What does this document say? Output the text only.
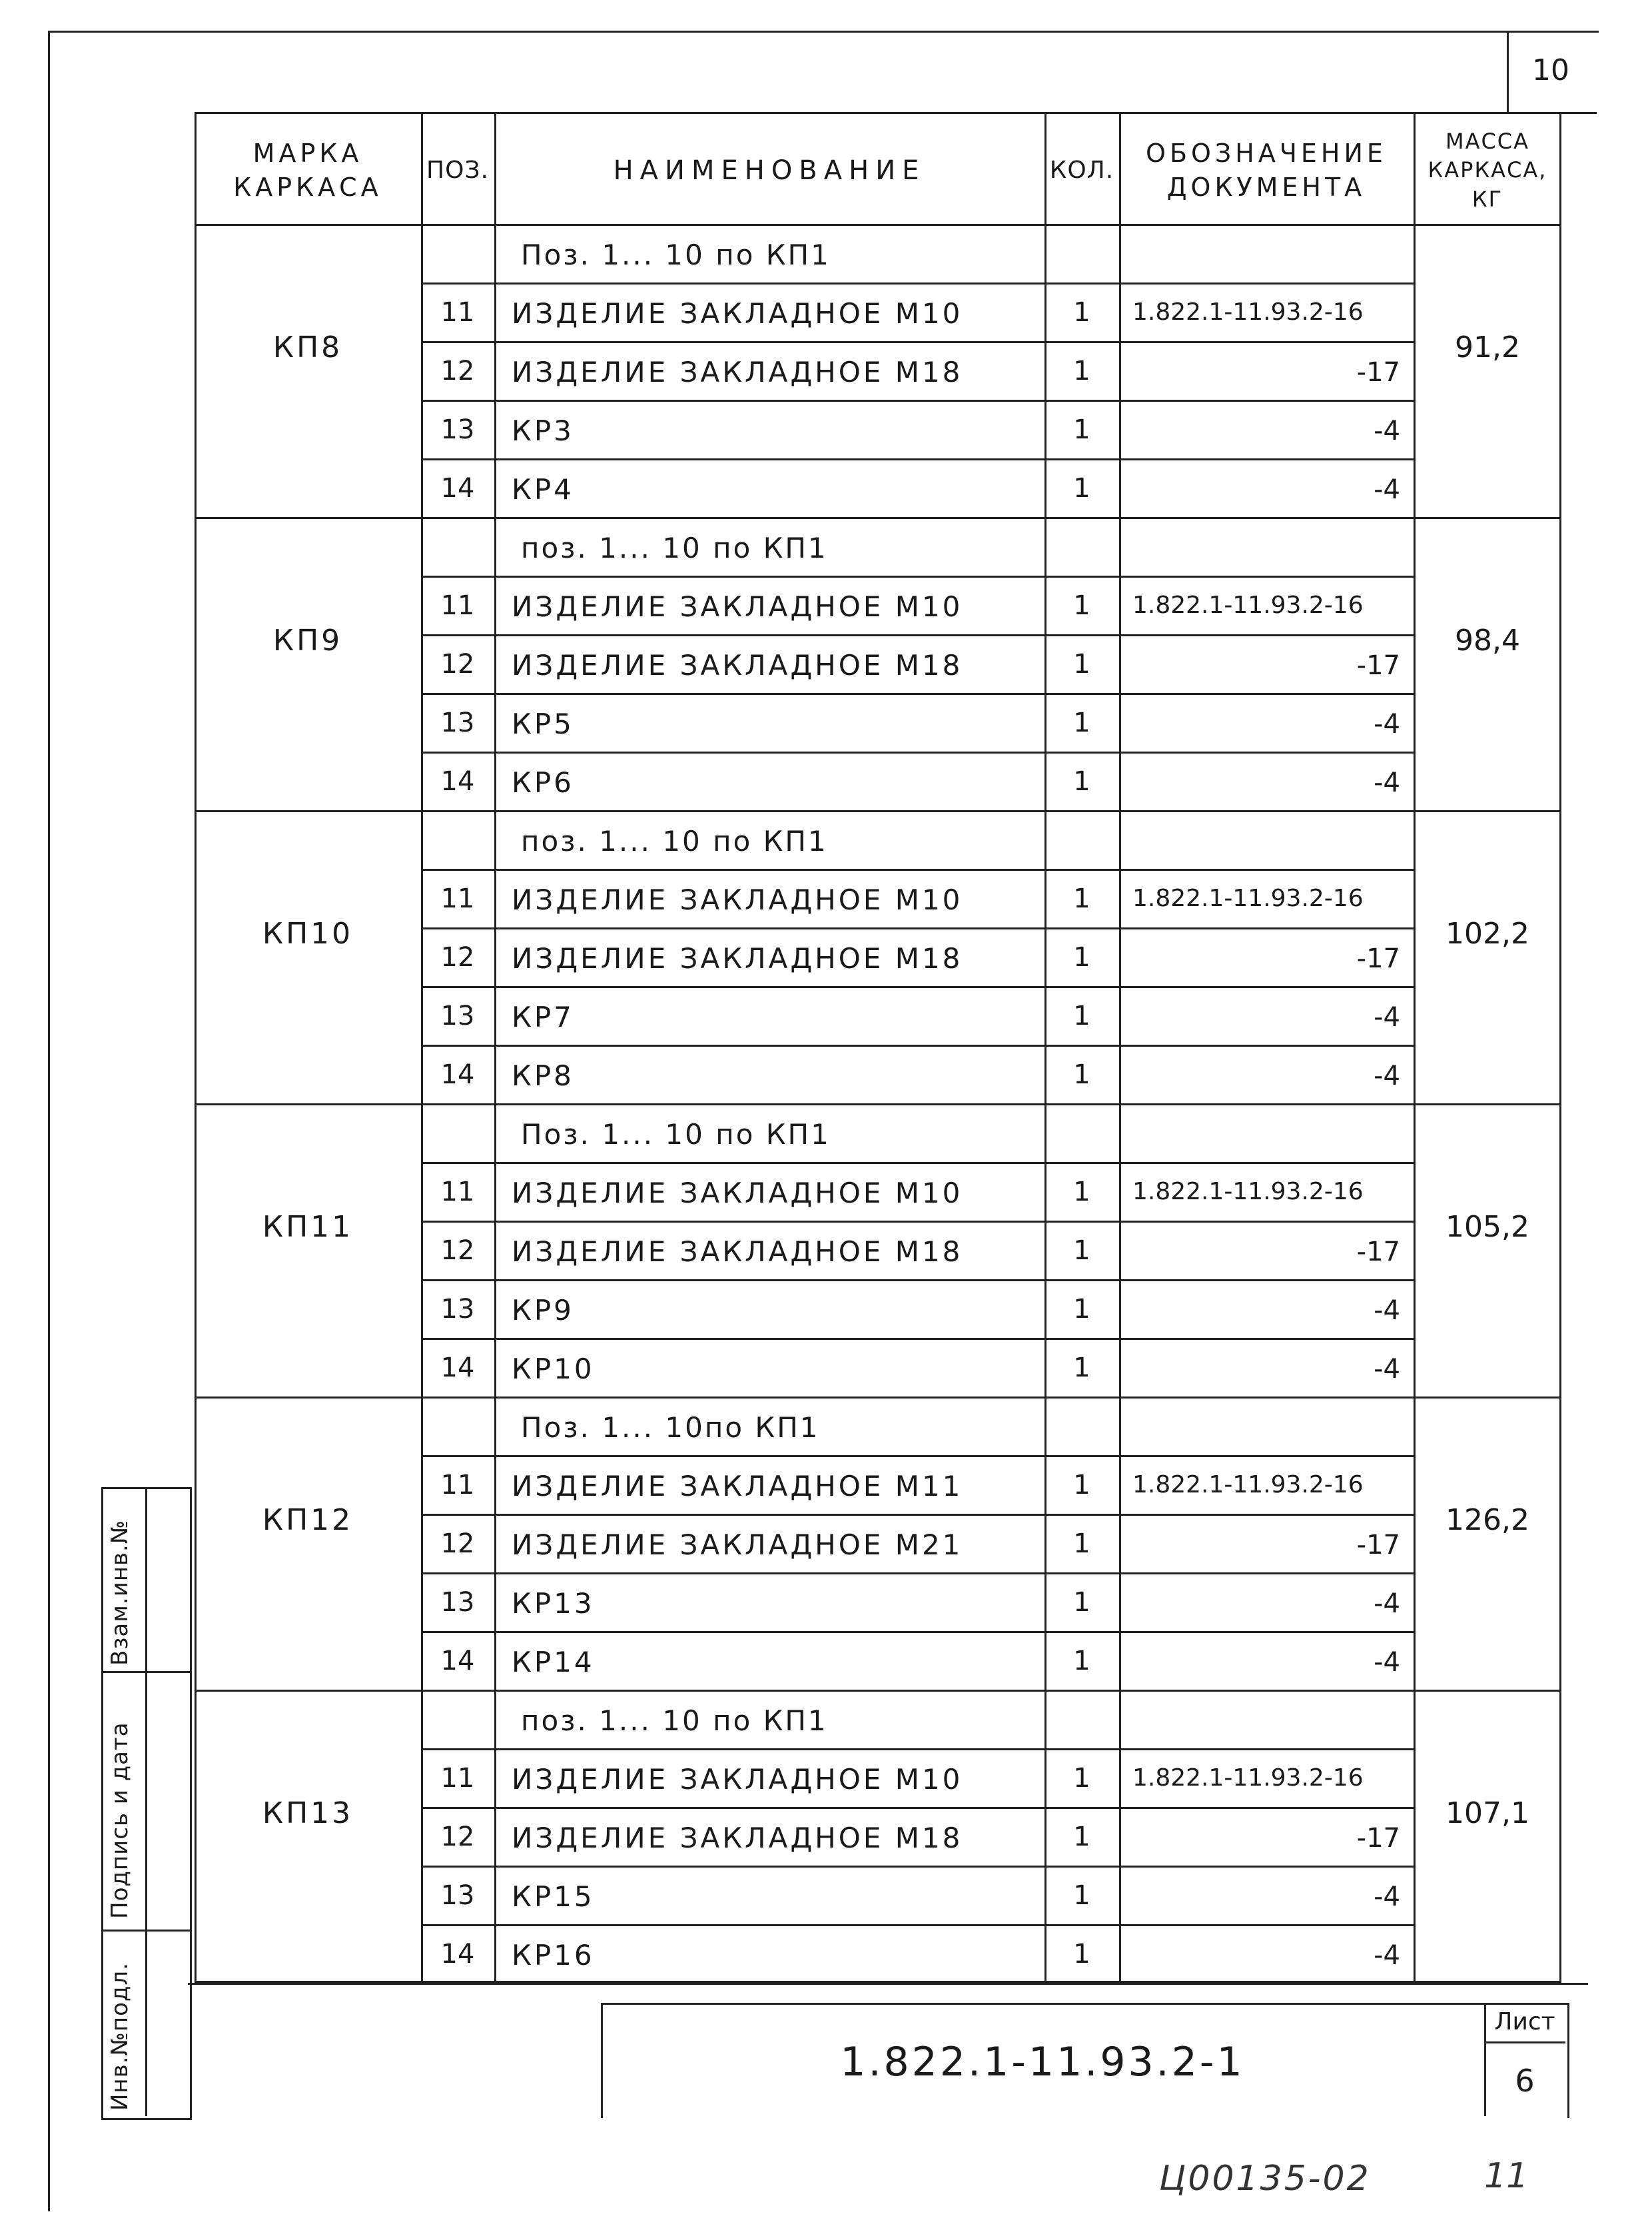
10
МАРКА КАРКАСА
ПОЗ.	НАИМЕНОВАНИЕ	КОЛ.
ОБОЗНАЧЕНИЕ ДОКУМЕНТА
МАССА КАРКАСА, КГ
КП8	91,2
Поз. 1... 10 по КП1
11	ИЗДЕЛИЕ ЗАКЛАДНОЕ М10	1	1.822.1-11.93.2-16
12	ИЗДЕЛИЕ ЗАКЛАДНОЕ М18	1	-17
13	КР3	1	-4
14	КР4	1	-4
КП9	98,4
поз. 1... 10 по КП1
11	ИЗДЕЛИЕ ЗАКЛАДНОЕ М10	1	1.822.1-11.93.2-16
12	ИЗДЕЛИЕ ЗАКЛАДНОЕ М18	1	-17
13	КР5	1	-4
14	КР6	1	-4
КП10	102,2
поз. 1... 10 по КП1
11	ИЗДЕЛИЕ ЗАКЛАДНОЕ М10	1	1.822.1-11.93.2-16
12	ИЗДЕЛИЕ ЗАКЛАДНОЕ М18	1	-17
13	КР7	1	-4
14	КР8	1	-4
КП11	105,2
Поз. 1... 10 по КП1
11	ИЗДЕЛИЕ ЗАКЛАДНОЕ М10	1	1.822.1-11.93.2-16
12	ИЗДЕЛИЕ ЗАКЛАДНОЕ М18	1	-17
13	КР9	1	-4
14	КР10	1	-4
КП12	126,2
Поз. 1... 10по КП1
11	ИЗДЕЛИЕ ЗАКЛАДНОЕ М11	1	1.822.1-11.93.2-16
12	ИЗДЕЛИЕ ЗАКЛАДНОЕ М21	1	-17
13	КР13	1	-4
14	КР14	1	-4
КП13	107,1
поз. 1... 10 по КП1
11	ИЗДЕЛИЕ ЗАКЛАДНОЕ М10	1	1.822.1-11.93.2-16
12	ИЗДЕЛИЕ ЗАКЛАДНОЕ М18	1	-17
13	КР15	1	-4
14	КР16	1	-4
Взам.инв.№
Подпись и дата
Инв.№подл.	1.822.1-11.93.2-1
Лист
6
Ц00135-02	11
